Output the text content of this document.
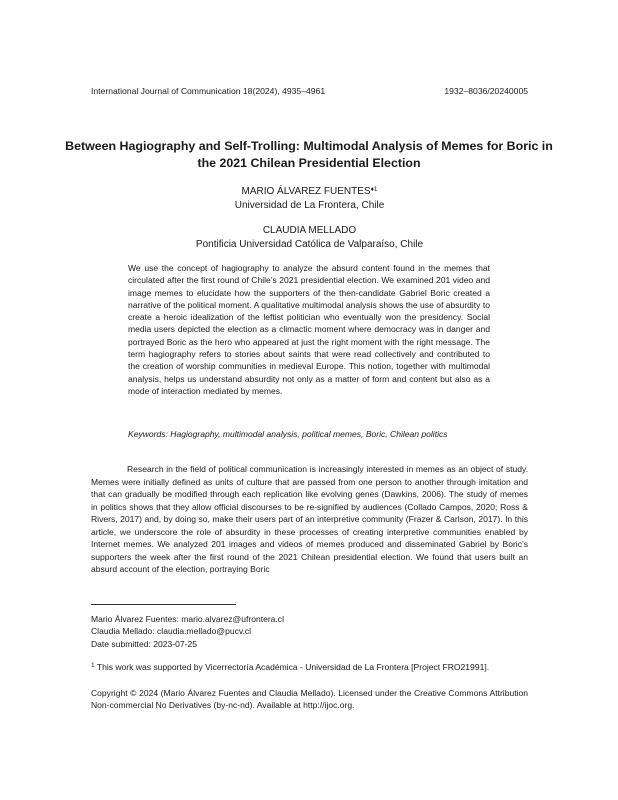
International Journal of Communication 18(2024), 4935–4961	1932–8036/20240005
Between Hagiography and Self-Trolling: Multimodal Analysis of Memes for Boric in the 2021 Chilean Presidential Election
MARIO ÁLVAREZ $FUENTES^{♦1}$
Universidad de La Frontera, Chile
CLAUDIA MELLADO
Pontificia Universidad Católica de Valparaíso, Chile

We use the concept of hagiography to analyze the absurd content found in the memes that circulated after the first round of Chile’s 2021 presidential election. We examined 201 video and image memes to elucidate how the supporters of the then-candidate Gabriel Boric created a narrative of the political moment. A qualitative multimodal analysis shows the use of absurdity to create a heroic idealization of the leftist politician who eventually won the presidency. Social media users depicted the election as a climactic moment where democracy was in danger and portrayed Boric as the hero who appeared at just the right moment with the right message. The term hagiography refers to stories about saints that were read collectively and contributed to the creation of worship communities in medieval Europe. This notion, together with multimodal analysis, helps us understand absurdity not only as a matter of form and content but also as a mode of interaction mediated by memes.

Keywords: Hagiography, multimodal analysis, political memes, Boric, Chilean politics

Research in the field of political communication is increasingly interested in memes as an object of study. Memes were initially defined as units of culture that are passed from one person to another through imitation and that can gradually be modified through each replication like evolving genes (Dawkins, 2006). The study of memes in politics shows that they allow official discourses to be re-signified by audiences (Collado Campos, 2020; Ross & Rivers, 2017) and, by doing so, make their users part of an interpretive community (Frazer & Carlson, 2017). In this article, we underscore the role of absurdity in these processes of creating interpretive communities enabled by Internet memes. We analyzed 201 images and videos of memes produced and disseminated Gabriel by Boric’s supporters the week after the first round of the 2021 Chilean presidential election. We found that users built an absurd account of the election, portraying Boric

Mario Álvarez Fuentes: mario.alvarez@ufrontera.cl
Claudia Mellado: claudia.mellado@pucv.cl
Date submitted: 2023-07-25

$^1$ This work was supported by Vicerrectoría Académica - Universidad de La Frontera [Project FRO21991].

Copyright © 2024 (Mario Álvarez Fuentes and Claudia Mellado). Licensed under the Creative Commons Attribution Non-commercial No Derivatives (by-nc-nd). Available at http://ijoc.org.
